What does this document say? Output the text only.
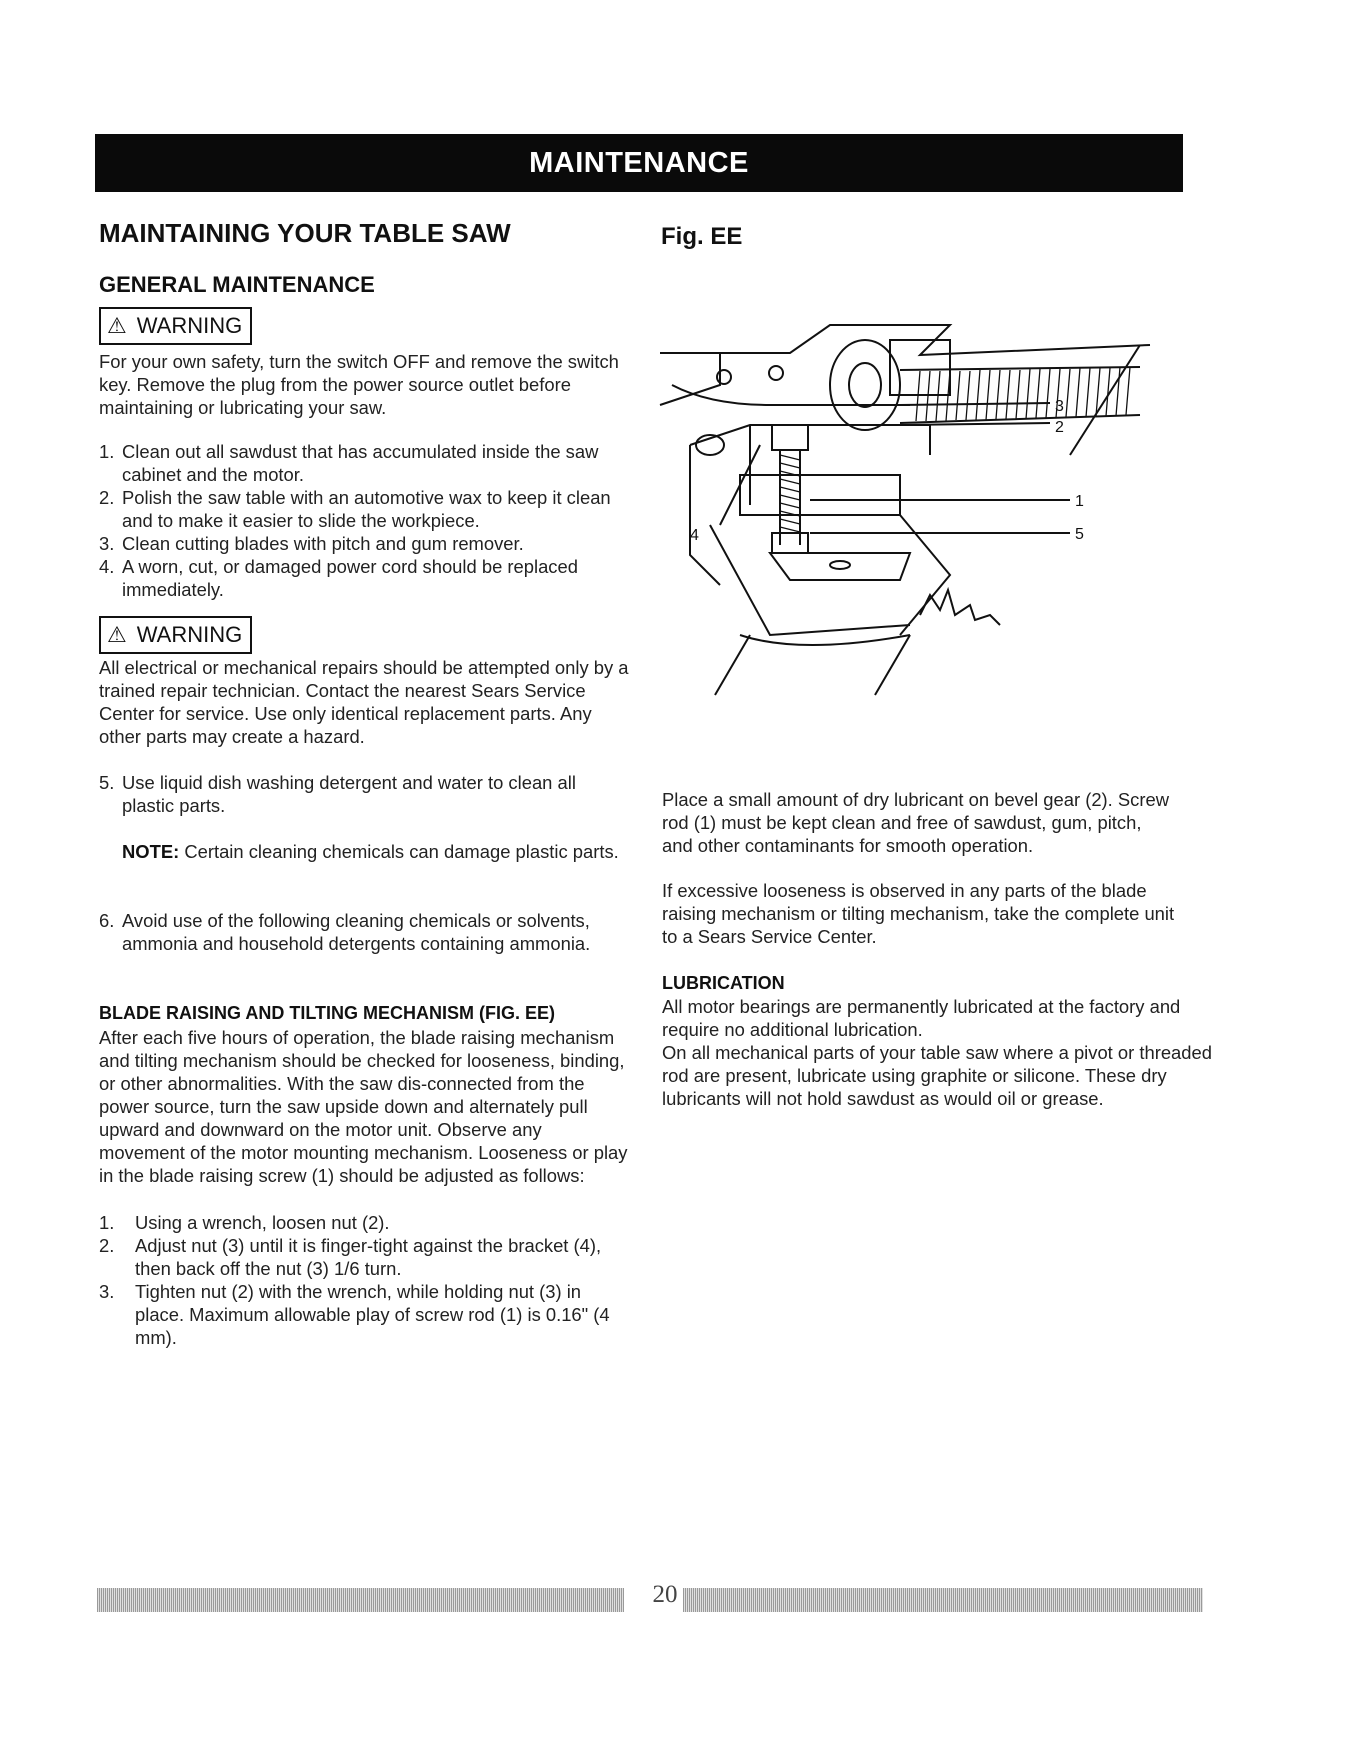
MAINTENANCE
MAINTAINING YOUR TABLE SAW
GENERAL MAINTENANCE
⚠ WARNING

For your own safety, turn the switch OFF and remove the switch key. Remove the plug from the power source outlet before maintaining or lubricating your saw.

1. Clean out all sawdust that has accumulated inside the saw cabinet and the motor.
2. Polish the saw table with an automotive wax to keep it clean and to make it easier to slide the workpiece.
3. Clean cutting blades with pitch and gum remover.
4. A worn, cut, or damaged power cord should be replaced immediately.
⚠ WARNING

All electrical or mechanical repairs should be attempted only by a trained repair technician. Contact the nearest Sears Service Center for service. Use only identical replacement parts. Any other parts may create a hazard.

5. Use liquid dish washing detergent and water to clean all plastic parts.

NOTE: Certain cleaning chemicals can damage plastic parts.

6. Avoid use of the following cleaning chemicals or solvents, ammonia and household detergents containing ammonia.
BLADE RAISING AND TILTING MECHANISM (FIG. EE)

After each five hours of operation, the blade raising mechanism and tilting mechanism should be checked for looseness, binding, or other abnormalities. With the saw dis-connected from the power source, turn the saw upside down and alternately pull upward and downward on the motor unit. Observe any movement of the motor mounting mechanism. Looseness or play in the blade raising screw (1) should be adjusted as follows:

1. Using a wrench, loosen nut (2).
2. Adjust nut (3) until it is finger-tight against the bracket (4), then back off the nut (3) 1/6 turn.
3. Tighten nut (2) with the wrench, while holding nut (3) in place. Maximum allowable play of screw rod (1) is 0.16" (4 mm).
Fig. EE
3
2
1
5
4

Place a small amount of dry lubricant on bevel gear (2). Screw rod (1) must be kept clean and free of sawdust, gum, pitch, and other contaminants for smooth operation.

If excessive looseness is observed in any parts of the blade raising mechanism or tilting mechanism, take the complete unit to a Sears Service Center.

LUBRICATION

All motor bearings are permanently lubricated at the factory and require no additional lubrication.

On all mechanical parts of your table saw where a pivot or threaded rod are present, lubricate using graphite or silicone. These dry lubricants will not hold sawdust as would oil or grease.

20
